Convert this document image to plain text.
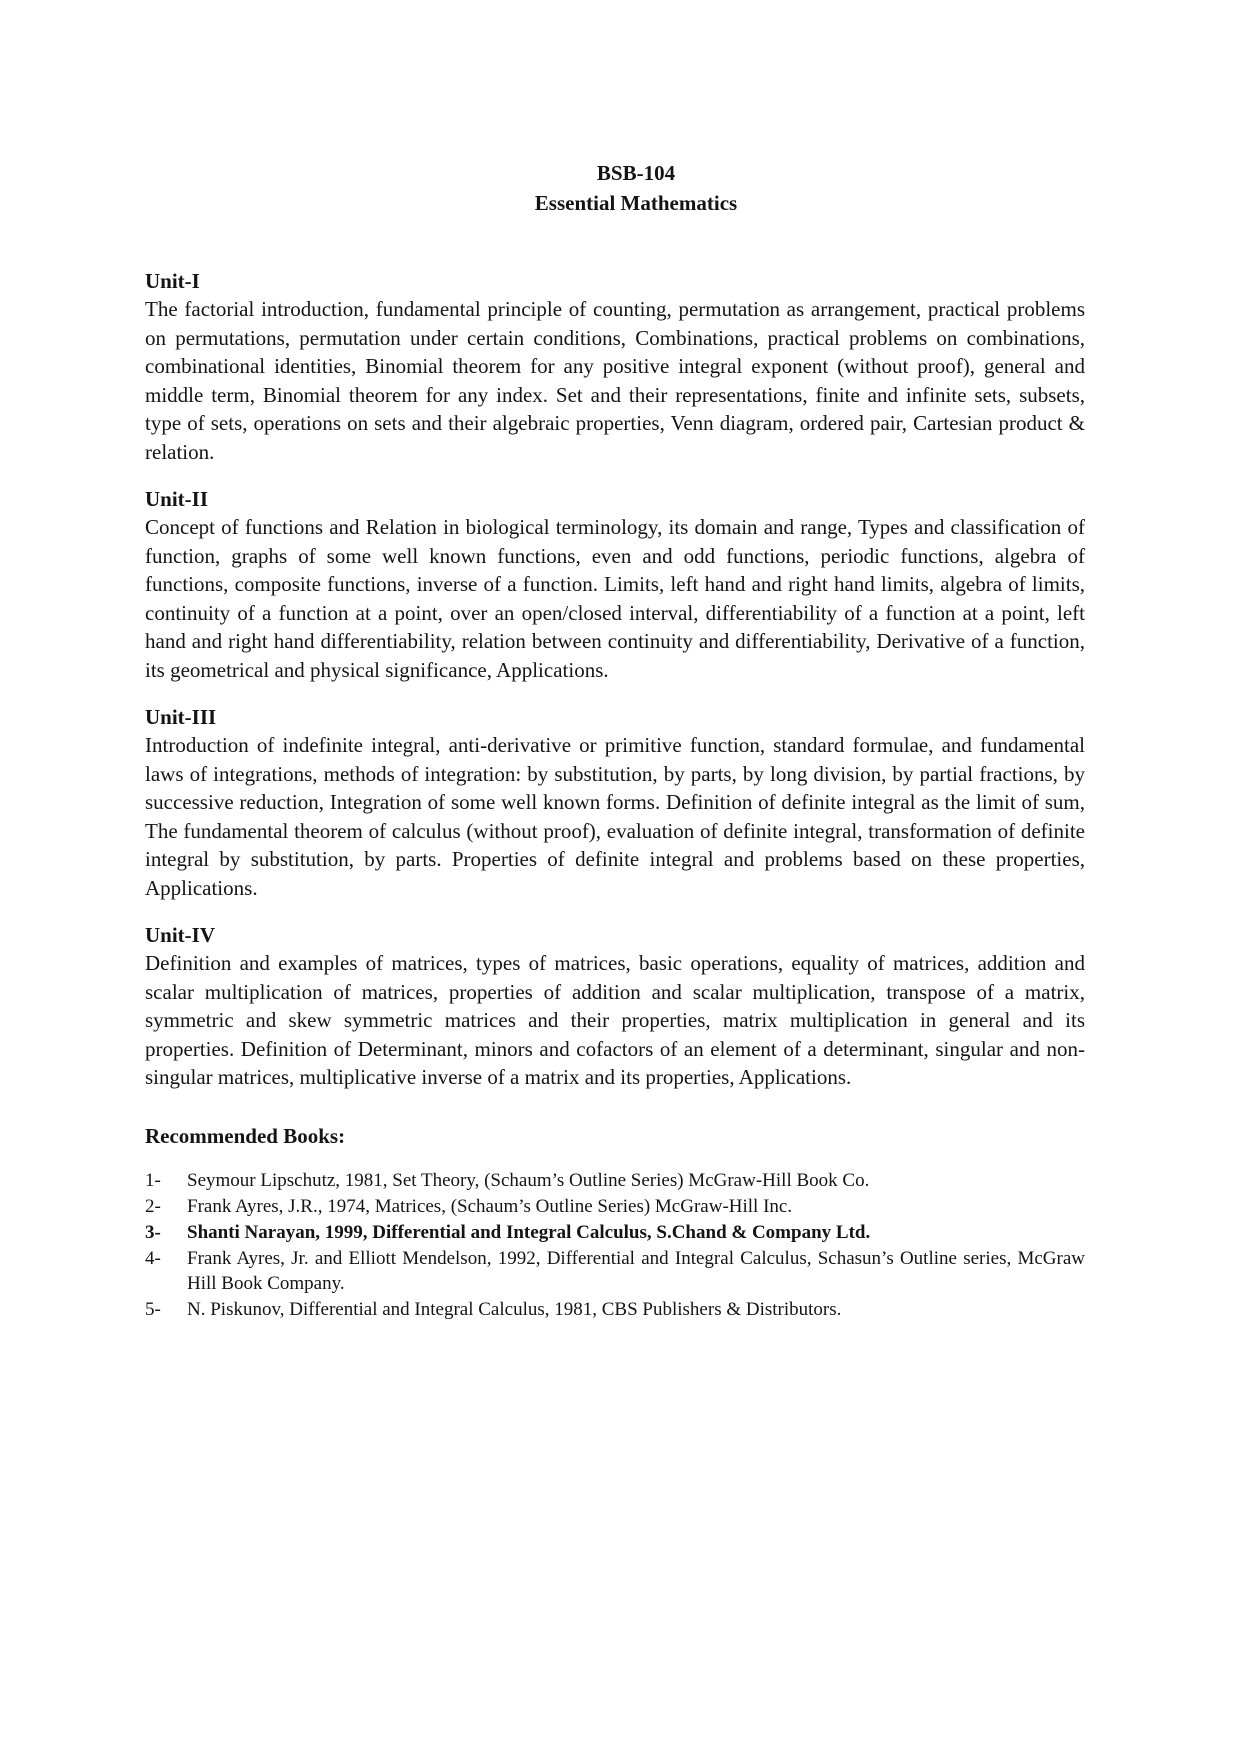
BSB-104
Essential Mathematics

Unit-I

The factorial introduction, fundamental principle of counting, permutation as arrangement, practical problems on permutations, permutation under certain conditions, Combinations, practical problems on combinations, combinational identities, Binomial theorem for any positive integral exponent (without proof), general and middle term, Binomial theorem for any index. Set and their representations, finite and infinite sets, subsets, type of sets, operations on sets and their algebraic properties, Venn diagram, ordered pair, Cartesian product & relation.

Unit-II

Concept of functions and Relation in biological terminology, its domain and range, Types and classification of function, graphs of some well known functions, even and odd functions, periodic functions, algebra of functions, composite functions, inverse of a function. Limits, left hand and right hand limits, algebra of limits, continuity of a function at a point, over an open/closed interval, differentiability of a function at a point, left hand and right hand differentiability, relation between continuity and differentiability, Derivative of a function, its geometrical and physical significance, Applications.

Unit-III

Introduction of indefinite integral, anti-derivative or primitive function, standard formulae, and fundamental laws of integrations, methods of integration: by substitution, by parts, by long division, by partial fractions, by successive reduction, Integration of some well known forms. Definition of definite integral as the limit of sum, The fundamental theorem of calculus (without proof), evaluation of definite integral, transformation of definite integral by substitution, by parts. Properties of definite integral and problems based on these properties, Applications.

Unit-IV

Definition and examples of matrices, types of matrices, basic operations, equality of matrices, addition and scalar multiplication of matrices, properties of addition and scalar multiplication, transpose of a matrix, symmetric and skew symmetric matrices and their properties, matrix multiplication in general and its properties. Definition of Determinant, minors and cofactors of an element of a determinant, singular and non-singular matrices, multiplicative inverse of a matrix and its properties, Applications.

Recommended Books:
1-	Seymour Lipschutz, 1981, Set Theory, (Schaum’s Outline Series) McGraw-Hill Book Co.
2-	Frank Ayres, J.R., 1974, Matrices, (Schaum’s Outline Series) McGraw-Hill Inc.
3-	Shanti Narayan, 1999, Differential and Integral Calculus, S.Chand & Company Ltd.
4-	Frank Ayres, Jr. and Elliott Mendelson, 1992, Differential and Integral Calculus, Schasun’s Outline series, McGraw Hill Book Company.
5-	N. Piskunov, Differential and Integral Calculus, 1981, CBS Publishers & Distributors.
